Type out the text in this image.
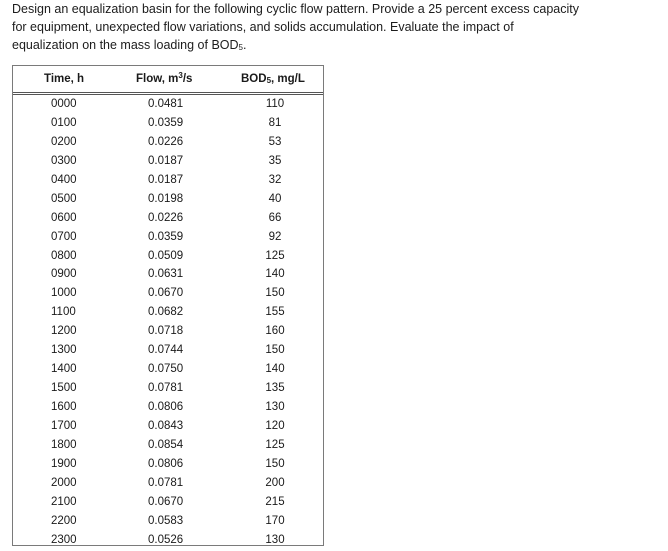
Design an equalization basin for the following cyclic flow pattern. Provide a 25 percent excess capacity
for equipment, unexpected flow variations, and solids accumulation. Evaluate the impact of
equalization on the mass loading of $BOD_5$.
Time, h	Flow, $m^3/s$	$BOD_5$, mg/L
0000	0.0481	110
0100	0.0359	81
0200	0.0226	53
0300	0.0187	35
0400	0.0187	32
0500	0.0198	40
0600	0.0226	66
0700	0.0359	92
0800	0.0509	125
0900	0.0631	140
1000	0.0670	150
1100	0.0682	155
1200	0.0718	160
1300	0.0744	150
1400	0.0750	140
1500	0.0781	135
1600	0.0806	130
1700	0.0843	120
1800	0.0854	125
1900	0.0806	150
2000	0.0781	200
2100	0.0670	215
2200	0.0583	170
2300	0.0526	130
